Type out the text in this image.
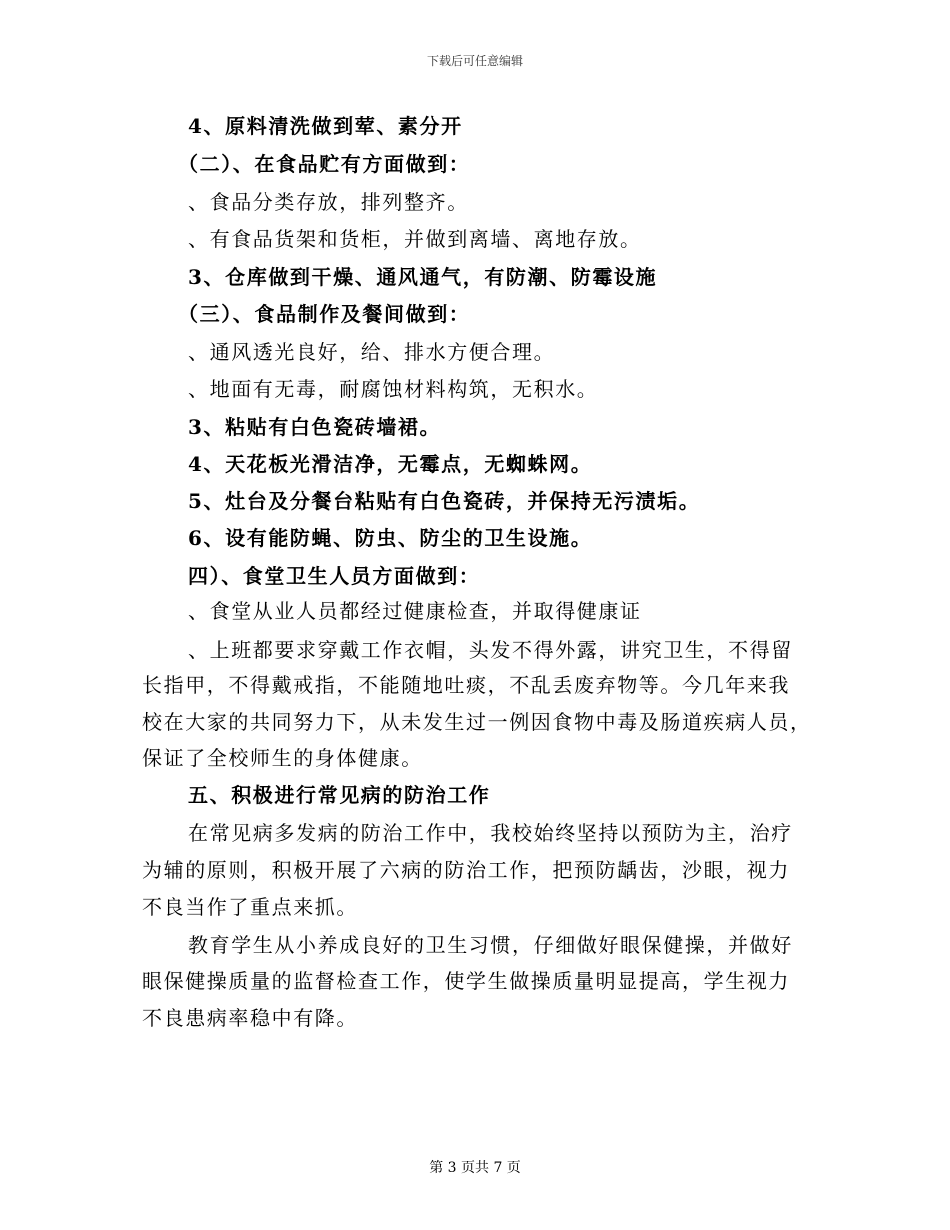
下载后可任意编辑
4、原料清洗做到荤、素分开
（二）、在食品贮有方面做到：
、食品分类存放，排列整齐。
、有食品货架和货柜，并做到离墙、离地存放。
3、仓库做到干燥、通风通气，有防潮、防霉设施
（三）、食品制作及餐间做到：
、通风透光良好，给、排水方便合理。
、地面有无毒，耐腐蚀材料构筑，无积水。
3、粘贴有白色瓷砖墙裙。
4、天花板光滑洁净，无霉点，无蜘蛛网。
5、灶台及分餐台粘贴有白色瓷砖，并保持无污渍垢。
6、设有能防蝇、防虫、防尘的卫生设施。
四）、食堂卫生人员方面做到：
、食堂从业人员都经过健康检查，并取得健康证
、上班都要求穿戴工作衣帽，头发不得外露，讲究卫生，不得留
长指甲，不得戴戒指，不能随地吐痰，不乱丢废弃物等。今几年来我
校在大家的共同努力下，从未发生过一例因食物中毒及肠道疾病人员，
保证了全校师生的身体健康。
五、积极进行常见病的防治工作
在常见病多发病的防治工作中，我校始终坚持以预防为主，治疗
为辅的原则，积极开展了六病的防治工作，把预防龋齿，沙眼，视力
不良当作了重点来抓。
教育学生从小养成良好的卫生习惯，仔细做好眼保健操，并做好
眼保健操质量的监督检查工作，使学生做操质量明显提高，学生视力
不良患病率稳中有降。
第 3 页共 7 页
